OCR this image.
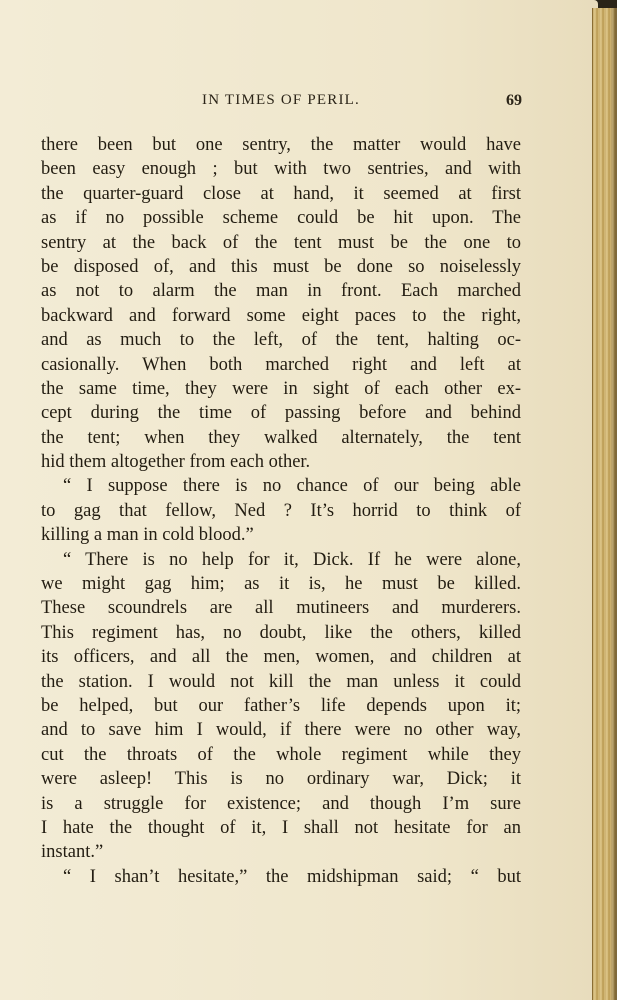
IN TIMES OF PERIL.	69
there been but one sentry, the matter would have
been easy enough ; but with two sentries, and with
the quarter-guard close at hand, it seemed at first
as if no possible scheme could be hit upon. The
sentry at the back of the tent must be the one to
be disposed of, and this must be done so noiselessly
as not to alarm the man in front. Each marched
backward and forward some eight paces to the right,
and as much to the left, of the tent, halting oc-
casionally. When both marched right and left at
the same time, they were in sight of each other ex-
cept during the time of passing before and behind
the tent; when they walked alternately, the tent
hid them altogether from each other.
“ I suppose there is no chance of our being able
to gag that fellow, Ned ? It’s horrid to think of
killing a man in cold blood.”
“ There is no help for it, Dick. If he were alone,
we might gag him; as it is, he must be killed.
These scoundrels are all mutineers and murderers.
This regiment has, no doubt, like the others, killed
its officers, and all the men, women, and children at
the station. I would not kill the man unless it could
be helped, but our father’s life depends upon it;
and to save him I would, if there were no other way,
cut the throats of the whole regiment while they
were asleep! This is no ordinary war, Dick; it
is a struggle for existence; and though I’m sure
I hate the thought of it, I shall not hesitate for an
instant.”
“ I shan’t hesitate,” the midshipman said; “ but
